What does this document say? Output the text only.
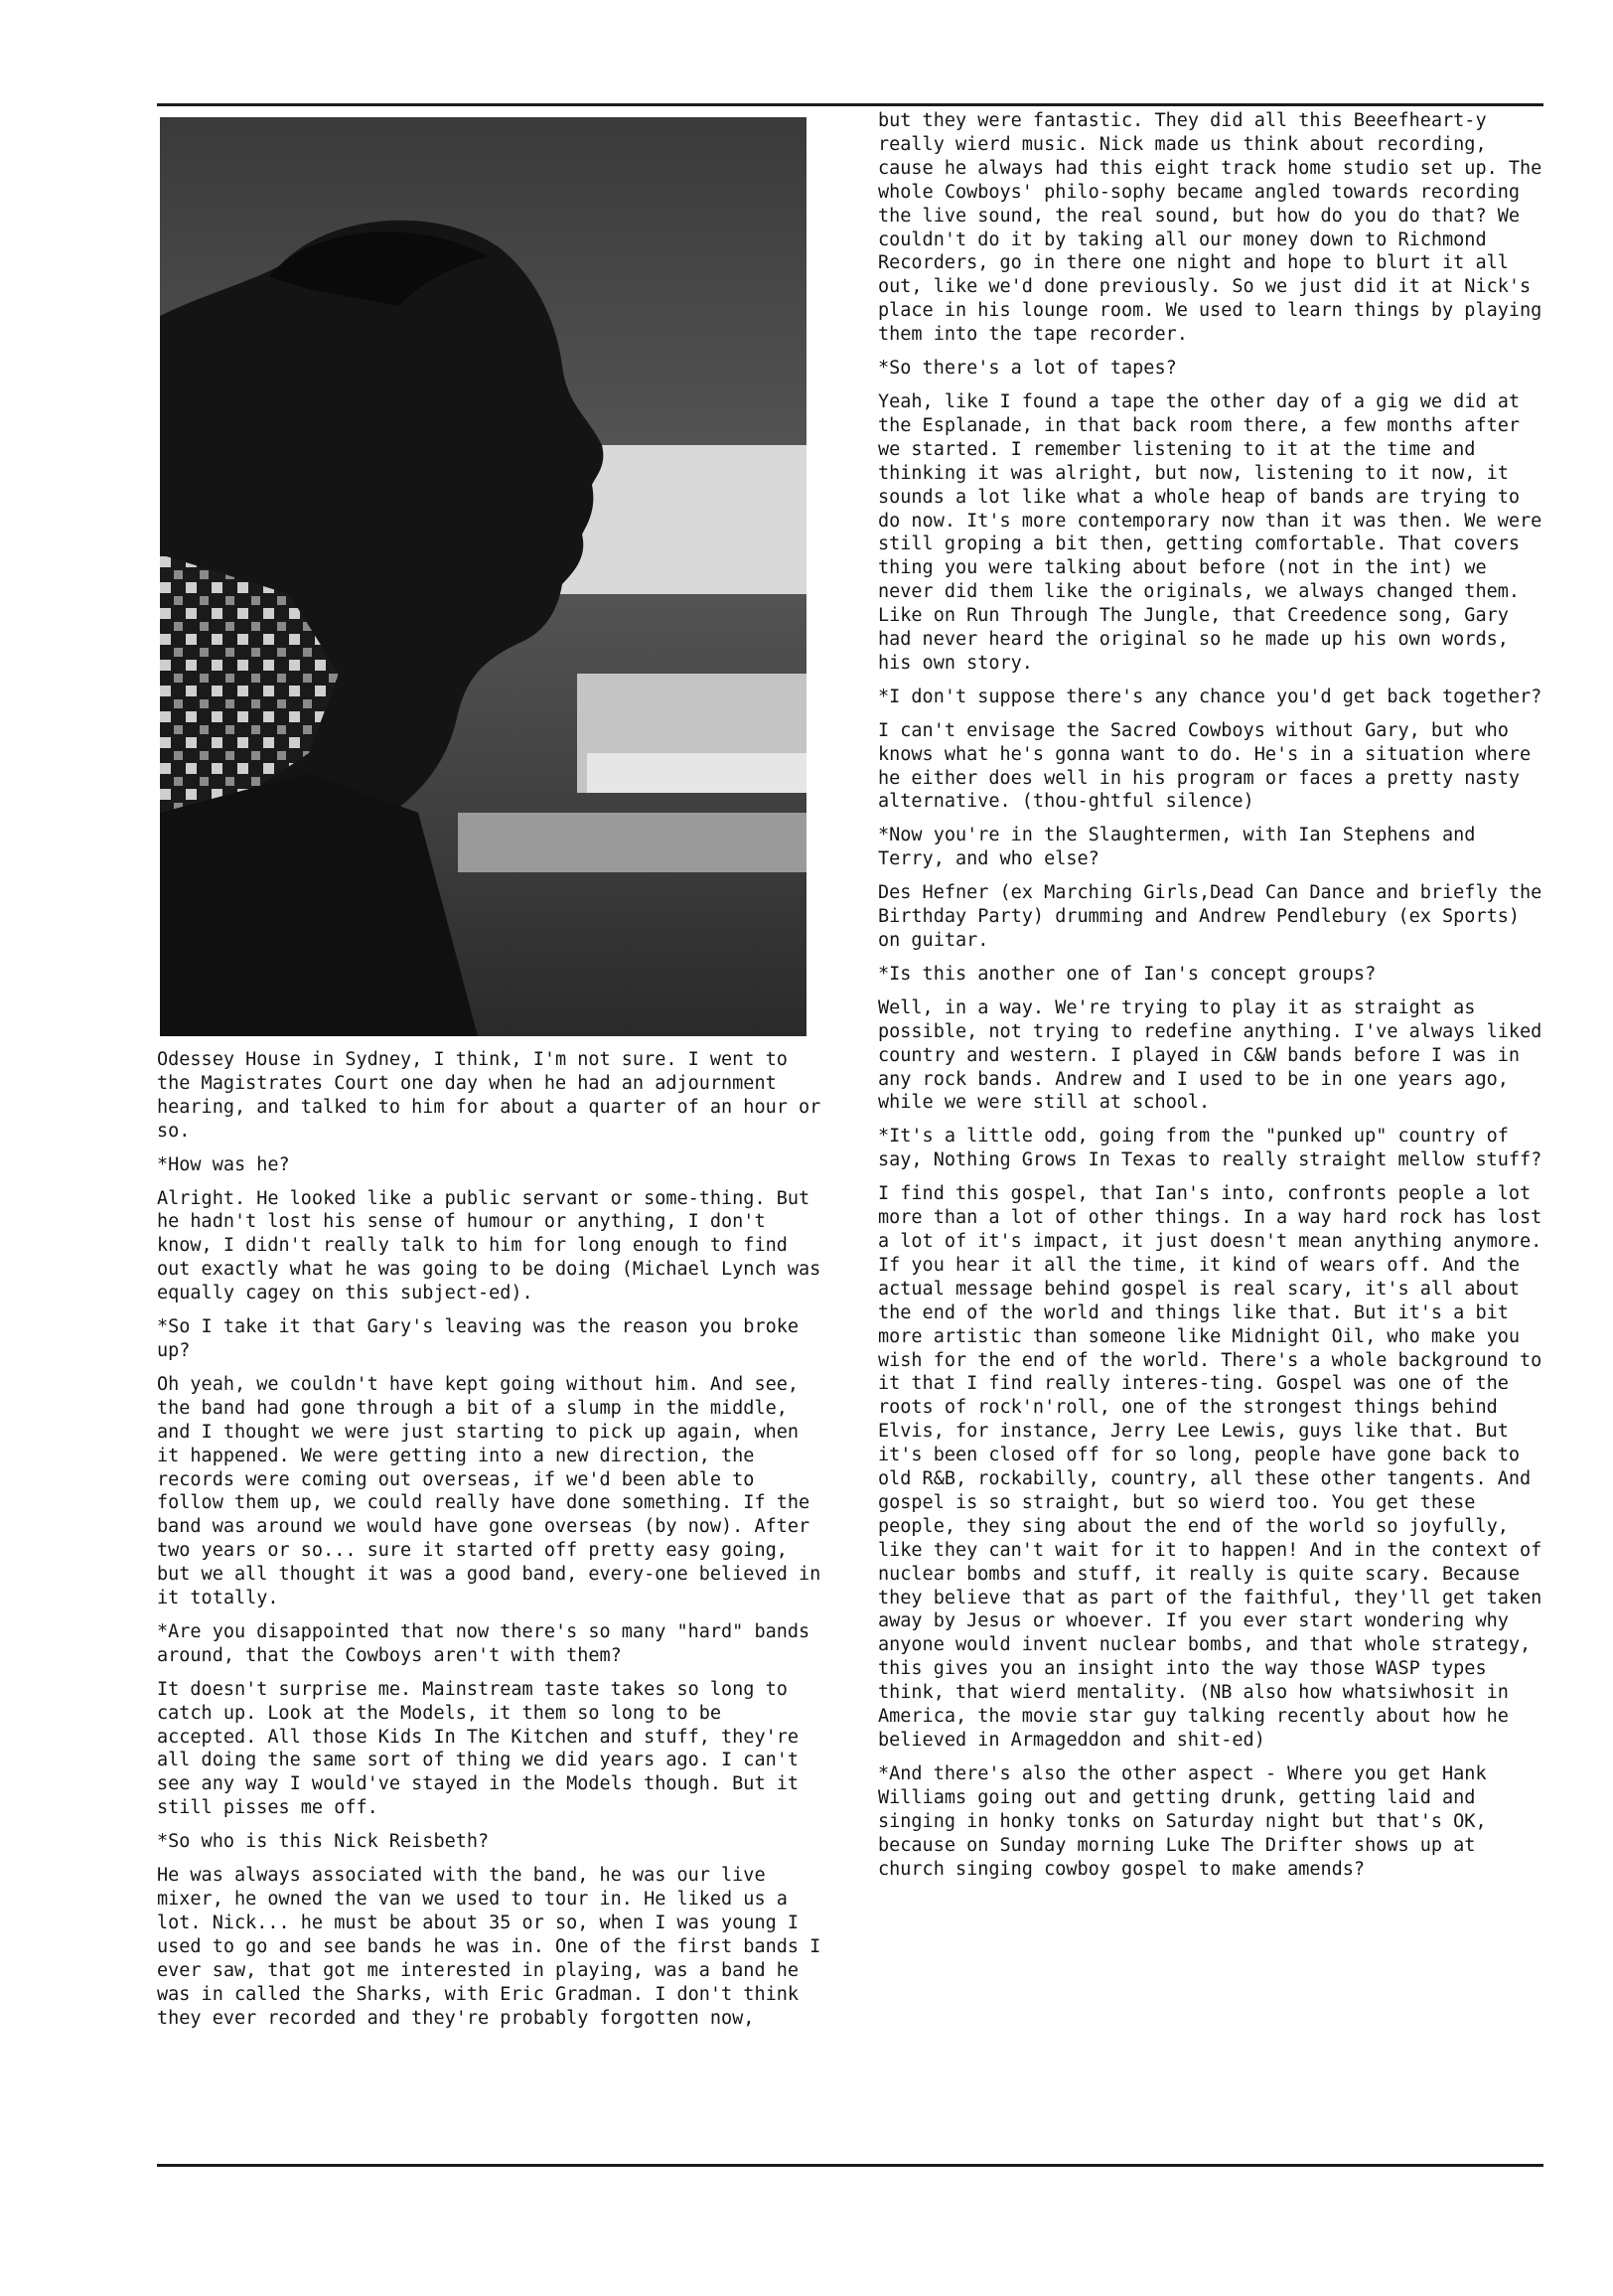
Odessey House in Sydney, I think, I'm not sure. I went to the Magistrates Court one day when he had an adjournment hearing, and talked to him for about a quarter of an hour or so.

*How was he?

Alright. He looked like a public servant or some-thing. But he hadn't lost his sense of humour or anything, I don't know, I didn't really talk to him for long enough to find out exactly what he was going to be doing (Michael Lynch was equally cagey on this subject-ed).

*So I take it that Gary's leaving was the reason you broke up?

Oh yeah, we couldn't have kept going without him. And see, the band had gone through a bit of a slump in the middle, and I thought we were just starting to pick up again, when it happened. We were getting into a new direction, the records were coming out overseas, if we'd been able to follow them up, we could really have done something. If the band was around we would have gone overseas (by now). After two years or so... sure it started off pretty easy going, but we all thought it was a good band, every-one believed in it totally.

*Are you disappointed that now there's so many "hard" bands around, that the Cowboys aren't with them?

It doesn't surprise me. Mainstream taste takes so long to catch up. Look at the Models, it them so long to be accepted. All those Kids In The Kitchen and stuff, they're all doing the same sort of thing we did years ago. I can't see any way I would've stayed in the Models though. But it still pisses me off.

*So who is this Nick Reisbeth?

He was always associated with the band, he was our live mixer, he owned the van we used to tour in. He liked us a lot. Nick... he must be about 35 or so, when I was young I used to go and see bands he was in. One of the first bands I ever saw, that got me interested in playing, was a band he was in called the Sharks, with Eric Gradman. I don't think they ever recorded and they're probably forgotten now,

but they were fantastic. They did all this Beeefheart-y really wierd music. Nick made us think about recording, cause he always had this eight track home studio set up. The whole Cowboys' philo-sophy became angled towards recording the live sound, the real sound, but how do you do that? We couldn't do it by taking all our money down to Richmond Recorders, go in there one night and hope to blurt it all out, like we'd done previously. So we just did it at Nick's place in his lounge room. We used to learn things by playing them into the tape recorder.

*So there's a lot of tapes?

Yeah, like I found a tape the other day of a gig we did at the Esplanade, in that back room there, a few months after we started. I remember listening to it at the time and thinking it was alright, but now, listening to it now, it sounds a lot like what a whole heap of bands are trying to do now. It's more contemporary now than it was then. We were still groping a bit then, getting comfortable. That covers thing you were talking about before (not in the int) we never did them like the originals, we always changed them. Like on Run Through The Jungle, that Creedence song, Gary had never heard the original so he made up his own words, his own story.

*I don't suppose there's any chance you'd get back together?

I can't envisage the Sacred Cowboys without Gary, but who knows what he's gonna want to do. He's in a situation where he either does well in his program or faces a pretty nasty alternative. (thou-ghtful silence)

*Now you're in the Slaughtermen, with Ian Stephens and Terry, and who else?

Des Hefner (ex Marching Girls,Dead Can Dance and briefly the Birthday Party) drumming and Andrew Pendlebury (ex Sports) on guitar.

*Is this another one of Ian's concept groups?

Well, in a way. We're trying to play it as straight as possible, not trying to redefine anything. I've always liked country and western. I played in C&W bands before I was in any rock bands. Andrew and I used to be in one years ago, while we were still at school.

*It's a little odd, going from the "punked up" country of say, Nothing Grows In Texas to really straight mellow stuff?

I find this gospel, that Ian's into, confronts people a lot more than a lot of other things. In a way hard rock has lost a lot of it's impact, it just doesn't mean anything anymore. If you hear it all the time, it kind of wears off. And the actual message behind gospel is real scary, it's all about the end of the world and things like that. But it's a bit more artistic than someone like Midnight Oil, who make you wish for the end of the world. There's a whole background to it that I find really interes-ting. Gospel was one of the roots of rock'n'roll, one of the strongest things behind Elvis, for instance, Jerry Lee Lewis, guys like that. But it's been closed off for so long, people have gone back to old R&B, rockabilly, country, all these other tangents. And gospel is so straight, but so wierd too. You get these people, they sing about the end of the world so joyfully, like they can't wait for it to happen! And in the context of nuclear bombs and stuff, it really is quite scary. Because they believe that as part of the faithful, they'll get taken away by Jesus or whoever. If you ever start wondering why anyone would invent nuclear bombs, and that whole strategy, this gives you an insight into the way those WASP types think, that wierd mentality. (NB also how whatsiwhosit in America, the movie star guy talking recently about how he believed in Armageddon and shit-ed)

*And there's also the other aspect - Where you get Hank Williams going out and getting drunk, getting laid and singing in honky tonks on Saturday night but that's OK, because on Sunday morning Luke The Drifter shows up at church singing cowboy gospel to make amends?
